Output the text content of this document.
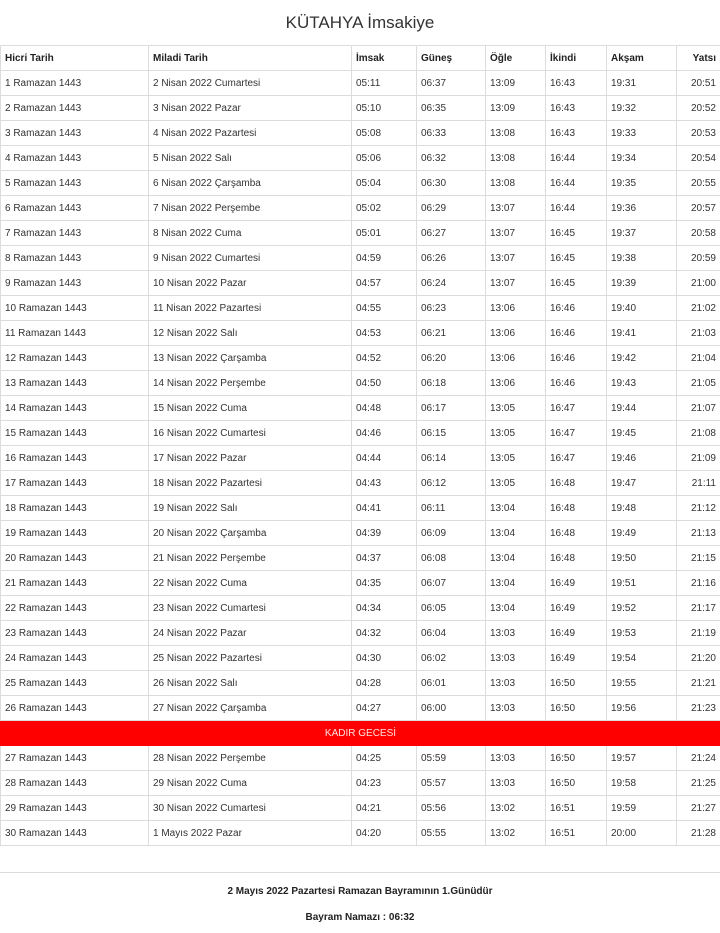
KÜTAHYA İmsakiye
Hicri Tarih	Miladi Tarih	İmsak	Güneş	Öğle	İkindi	Akşam	Yatsı
1 Ramazan 1443	2 Nisan 2022 Cumartesi	05:11	06:37	13:09	16:43	19:31	20:51
2 Ramazan 1443	3 Nisan 2022 Pazar	05:10	06:35	13:09	16:43	19:32	20:52
3 Ramazan 1443	4 Nisan 2022 Pazartesi	05:08	06:33	13:08	16:43	19:33	20:53
4 Ramazan 1443	5 Nisan 2022 Salı	05:06	06:32	13:08	16:44	19:34	20:54
5 Ramazan 1443	6 Nisan 2022 Çarşamba	05:04	06:30	13:08	16:44	19:35	20:55
6 Ramazan 1443	7 Nisan 2022 Perşembe	05:02	06:29	13:07	16:44	19:36	20:57
7 Ramazan 1443	8 Nisan 2022 Cuma	05:01	06:27	13:07	16:45	19:37	20:58
8 Ramazan 1443	9 Nisan 2022 Cumartesi	04:59	06:26	13:07	16:45	19:38	20:59
9 Ramazan 1443	10 Nisan 2022 Pazar	04:57	06:24	13:07	16:45	19:39	21:00
10 Ramazan 1443	11 Nisan 2022 Pazartesi	04:55	06:23	13:06	16:46	19:40	21:02
11 Ramazan 1443	12 Nisan 2022 Salı	04:53	06:21	13:06	16:46	19:41	21:03
12 Ramazan 1443	13 Nisan 2022 Çarşamba	04:52	06:20	13:06	16:46	19:42	21:04
13 Ramazan 1443	14 Nisan 2022 Perşembe	04:50	06:18	13:06	16:46	19:43	21:05
14 Ramazan 1443	15 Nisan 2022 Cuma	04:48	06:17	13:05	16:47	19:44	21:07
15 Ramazan 1443	16 Nisan 2022 Cumartesi	04:46	06:15	13:05	16:47	19:45	21:08
16 Ramazan 1443	17 Nisan 2022 Pazar	04:44	06:14	13:05	16:47	19:46	21:09
17 Ramazan 1443	18 Nisan 2022 Pazartesi	04:43	06:12	13:05	16:48	19:47	21:11
18 Ramazan 1443	19 Nisan 2022 Salı	04:41	06:11	13:04	16:48	19:48	21:12
19 Ramazan 1443	20 Nisan 2022 Çarşamba	04:39	06:09	13:04	16:48	19:49	21:13
20 Ramazan 1443	21 Nisan 2022 Perşembe	04:37	06:08	13:04	16:48	19:50	21:15
21 Ramazan 1443	22 Nisan 2022 Cuma	04:35	06:07	13:04	16:49	19:51	21:16
22 Ramazan 1443	23 Nisan 2022 Cumartesi	04:34	06:05	13:04	16:49	19:52	21:17
23 Ramazan 1443	24 Nisan 2022 Pazar	04:32	06:04	13:03	16:49	19:53	21:19
24 Ramazan 1443	25 Nisan 2022 Pazartesi	04:30	06:02	13:03	16:49	19:54	21:20
25 Ramazan 1443	26 Nisan 2022 Salı	04:28	06:01	13:03	16:50	19:55	21:21
26 Ramazan 1443	27 Nisan 2022 Çarşamba	04:27	06:00	13:03	16:50	19:56	21:23
KADIR GECESİ							
27 Ramazan 1443	28 Nisan 2022 Perşembe	04:25	05:59	13:03	16:50	19:57	21:24
28 Ramazan 1443	29 Nisan 2022 Cuma	04:23	05:57	13:03	16:50	19:58	21:25
29 Ramazan 1443	30 Nisan 2022 Cumartesi	04:21	05:56	13:02	16:51	19:59	21:27
30 Ramazan 1443	1 Mayıs 2022 Pazar	04:20	05:55	13:02	16:51	20:00	21:28
2 Mayıs 2022 Pazartesi Ramazan Bayramının 1.Günüdür
Bayram Namazı : 06:32
